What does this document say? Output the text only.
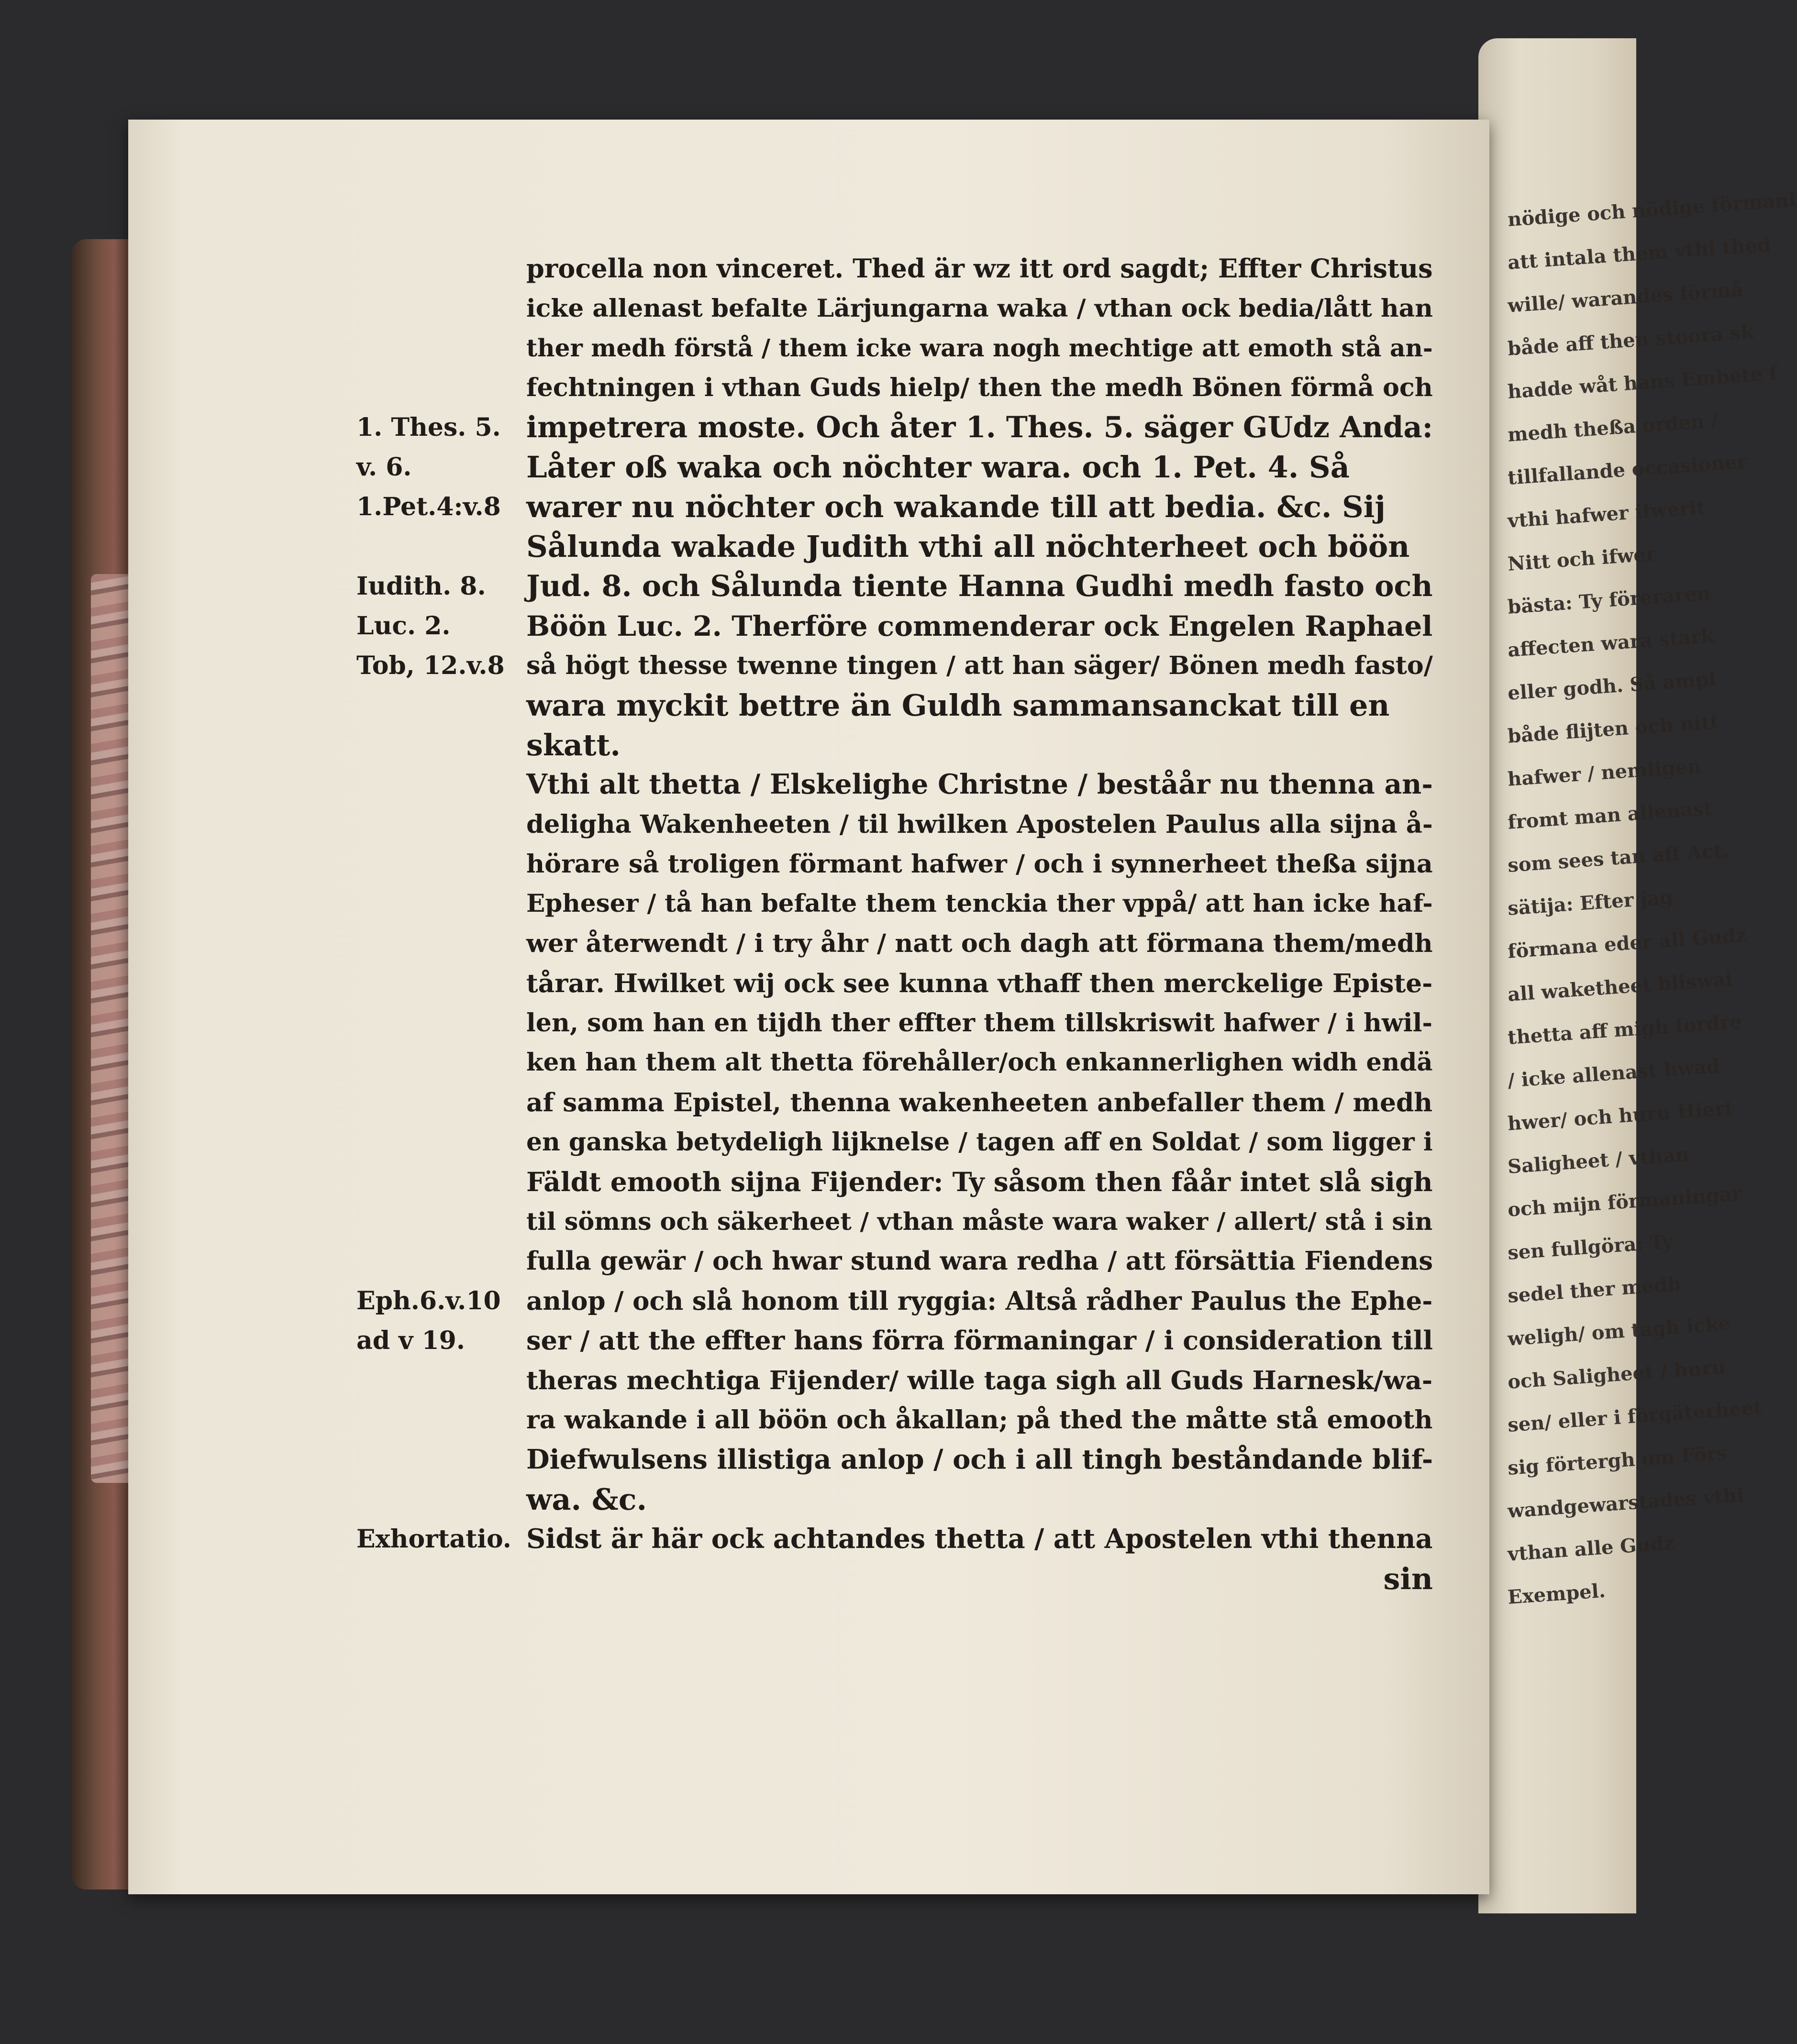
nödige och nödige förmanl
att intala them vthi thed
wille/ warandes förmå
både aff then stoora sk
hadde wåt hans Embete f
medh theßa orden /
tillfallande occasioner
vthi hafwer ifwerit
Nitt och ifwer
bästa: Ty föreraren
affecten wara stark
eller godh. Så ampl
både flijten och nitt
hafwer / nemligen
fromt man allenast
som sees tan aff Act.
sätija: Efter jag
förmana eder all Gudz
all waketheet bliswai
thetta aff migh fordre
/ icke allenast hwad
hwer/ och huru Hiert
Saligheet / vthan
och mijn förmaningar
sen fullgöra: Ty
sedel ther medh
weligh/ om tagh icke
och Saligheet / huru
sen/ eller i förgäterheet
sig förtergh om Förs
wandgewarstades vthi
vthan alle Gudz
Exempel.
procella non vinceret. Thed är wz itt ord sagdt; Effter Christus
icke allenast befalte Lärjungarna waka / vthan ock bedia/lått han
ther medh förstå / them icke wara nogh mechtige att emoth stå an-
fechtningen i vthan Guds hielp/ then the medh Bönen förmå och
impetrera moste. Och åter 1. Thes. 5. säger GUdz Anda:
Låter oß waka och nöchter wara. och 1. Pet. 4. Så
warer nu nöchter och wakande till att bedia. &c. Sij
Sålunda wakade Judith vthi all nöchterheet och böön
Jud. 8. och Sålunda tiente Hanna Gudhi medh fasto och
Böön Luc. 2. Therföre commenderar ock Engelen Raphael
så högt thesse twenne tingen / att han säger/ Bönen medh fasto/
wara myckit bettre än Guldh sammansanckat till en
skatt.
Vthi alt thetta / Elskelighe Christne / beståår nu thenna an-
deligha Wakenheeten / til hwilken Apostelen Paulus alla sijna å-
hörare så troligen förmant hafwer / och i synnerheet theßa sijna
Epheser / tå han befalte them tenckia ther vppå/ att han icke haf-
wer återwendt / i try åhr / natt och dagh att förmana them/medh
tårar. Hwilket wij ock see kunna vthaff then merckelige Episte-
len, som han en tijdh ther effter them tillskriswit hafwer / i hwil-
ken han them alt thetta förehåller/och enkannerlighen widh endä
af samma Epistel, thenna wakenheeten anbefaller them / medh
en ganska betydeligh lijknelse / tagen aff en Soldat / som ligger i
Fäldt emooth sijna Fijender: Ty såsom then fåår intet slå sigh
til sömns och säkerheet / vthan måste wara waker / allert/ stå i sin
fulla gewär / och hwar stund wara redha / att försättia Fiendens
anlop / och slå honom till ryggia: Altså rådher Paulus the Ephe-
ser / att the effter hans förra förmaningar / i consideration till
theras mechtiga Fijender/ wille taga sigh all Guds Harnesk/wa-
ra wakande i all böön och åkallan; på thed the måtte stå emooth
Diefwulsens illistiga anlop / och i all tingh beståndande blif-
wa. &c.
Sidst är här ock achtandes thetta / att Apostelen vthi thenna
sin
1. Thes. 5.
v. 6.
1.Pet.4:v.8
Iudith. 8.
Luc. 2.
Tob, 12.v.8
Eph.6.v.10
ad v 19.
Exhortatio.
